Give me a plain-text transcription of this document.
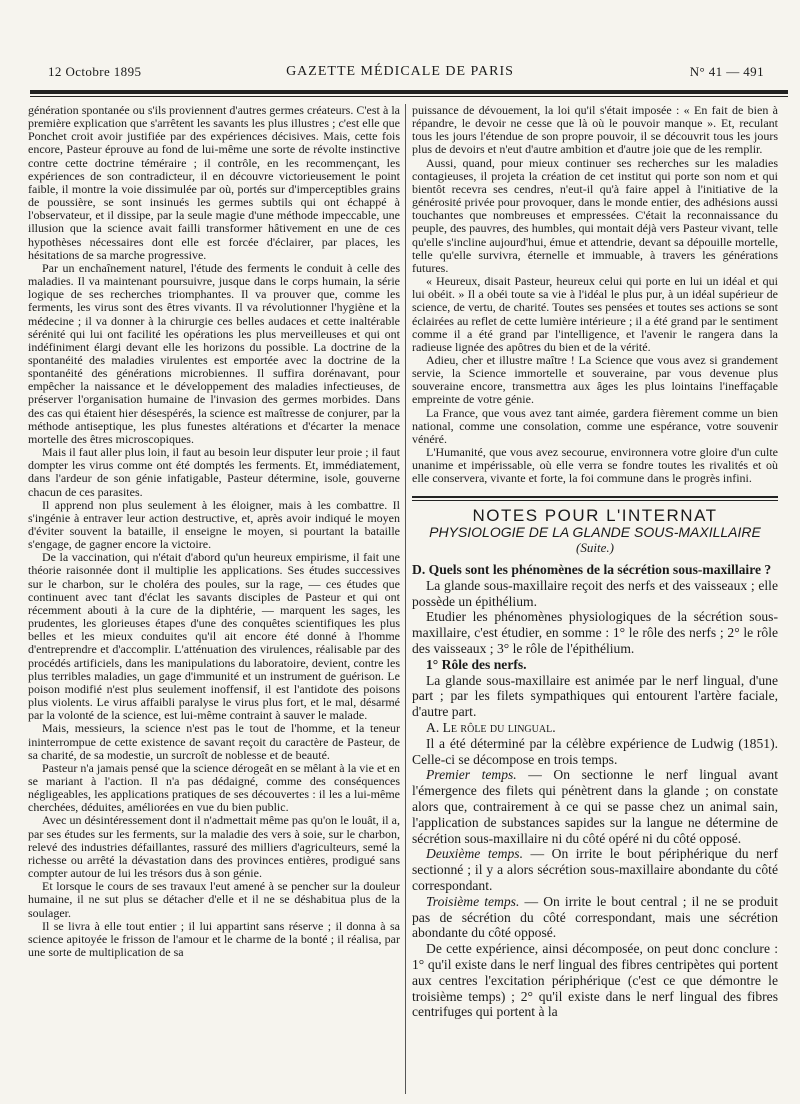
12 Octobre 1895	GAZETTE MÉDICALE DE PARIS	N° 41 — 491

génération spontanée ou s'ils proviennent d'autres germes créateurs. C'est à la première explication que s'arrêtent les savants les plus illustres ; c'est elle que Ponchet croit avoir justifiée par des expériences décisives. Mais, cette fois encore, Pasteur éprouve au fond de lui-même une sorte de révolte instinctive contre cette doctrine téméraire ; il contrôle, en les recommençant, les expériences de son contradicteur, il en découvre victorieusement le point faible, il montre la voie dissimulée par où, portés sur d'imperceptibles grains de poussière, se sont insinués les germes subtils qui ont échappé à l'observateur, et il dissipe, par la seule magie d'une méthode impeccable, une illusion que la science avait failli transformer hâtivement en une de ces hypothèses nécessaires dont elle est forcée d'éclairer, par places, les hésitations de sa marche progressive.

Par un enchaînement naturel, l'étude des ferments le conduit à celle des maladies. Il va maintenant poursuivre, jusque dans le corps humain, la série logique de ses recherches triomphantes. Il va prouver que, comme les ferments, les virus sont des êtres vivants. Il va révolutionner l'hygiène et la médecine ; il va donner à la chirurgie ces belles audaces et cette inaltérable sérénité qui lui ont facilité les opérations les plus merveilleuses et qui ont indéfiniment élargi devant elle les horizons du possible. La doctrine de la spontanéité des maladies virulentes est emportée avec la doctrine de la spontanéité des générations microbiennes. Il suffira dorénavant, pour empêcher la naissance et le développement des maladies infectieuses, de préserver l'organisation humaine de l'invasion des germes morbides. Dans des cas qui étaient hier désespérés, la science est maîtresse de conjurer, par la méthode antiseptique, les plus funestes altérations et d'écarter la menace mortelle des êtres microscopiques.

Mais il faut aller plus loin, il faut au besoin leur disputer leur proie ; il faut dompter les virus comme ont été domptés les ferments. Et, immédiatement, dans l'ardeur de son génie infatigable, Pasteur détermine, isole, gouverne chacun de ces parasites.

Il apprend non plus seulement à les éloigner, mais à les combattre. Il s'ingénie à entraver leur action destructive, et, après avoir indiqué le moyen d'éviter souvent la bataille, il enseigne le moyen, si pourtant la bataille s'engage, de gagner encore la victoire.

De la vaccination, qui n'était d'abord qu'un heureux empirisme, il fait une théorie raisonnée dont il multiplie les applications. Ses études successives sur le charbon, sur le choléra des poules, sur la rage, — ces études que continuent avec tant d'éclat les savants disciples de Pasteur et qui ont récemment abouti à la cure de la diphtérie, — marquent les sages, les prudentes, les glorieuses étapes d'une des conquêtes scientifiques les plus belles et les mieux conduites qu'il ait encore été donné à l'homme d'entreprendre et d'accomplir. L'atténuation des virulences, réalisable par des procédés artificiels, dans les manipulations du laboratoire, devient, contre les plus terribles maladies, un gage d'immunité et un instrument de guérison. Le poison modifié n'est plus seulement inoffensif, il est l'antidote des poisons plus violents. Le virus affaibli paralyse le virus plus fort, et le mal, désarmé par la volonté de la science, est lui-même contraint à sauver le malade.

Mais, messieurs, la science n'est pas le tout de l'homme, et la teneur ininterrompue de cette existence de savant reçoit du caractère de Pasteur, de sa charité, de sa modestie, un surcroît de noblesse et de beauté.

Pasteur n'a jamais pensé que la science dérogeât en se mêlant à la vie et en se mariant à l'action. Il n'a pas dédaigné, comme des conséquences négligeables, les applications pratiques de ses découvertes : il les a lui-même cherchées, déduites, améliorées en vue du bien public.

Avec un désintéressement dont il n'admettait même pas qu'on le louât, il a, par ses études sur les ferments, sur la maladie des vers à soie, sur le charbon, relevé des industries défaillantes, rassuré des milliers d'agriculteurs, semé la richesse ou arrêté la dévastation dans des provinces entières, prodigué sans compter autour de lui les trésors dus à son génie.

Et lorsque le cours de ses travaux l'eut amené à se pencher sur la douleur humaine, il ne sut plus se détacher d'elle et il ne se déshabitua plus de la soulager.

Il se livra à elle tout entier ; il lui appartint sans réserve ; il donna à sa science apitoyée le frisson de l'amour et le charme de la bonté ; il réalisa, par une sorte de multiplication de sa

puissance de dévouement, la loi qu'il s'était imposée : « En fait de bien à répandre, le devoir ne cesse que là où le pouvoir manque ». Et, reculant tous les jours l'étendue de son propre pouvoir, il se découvrit tous les jours plus de devoirs et n'eut d'autre ambition et d'autre joie que de les remplir.

Aussi, quand, pour mieux continuer ses recherches sur les maladies contagieuses, il projeta la création de cet institut qui porte son nom et qui bientôt recevra ses cendres, n'eut-il qu'à faire appel à l'initiative de la générosité privée pour provoquer, dans le monde entier, des adhésions aussi touchantes que nombreuses et empressées. C'était la reconnaissance du peuple, des pauvres, des humbles, qui montait déjà vers Pasteur vivant, telle qu'elle s'incline aujourd'hui, émue et attendrie, devant sa dépouille mortelle, telle qu'elle survivra, éternelle et immuable, à travers les générations futures.

« Heureux, disait Pasteur, heureux celui qui porte en lui un idéal et qui lui obéit. » Il a obéi toute sa vie à l'idéal le plus pur, à un idéal supérieur de science, de vertu, de charité. Toutes ses pensées et toutes ses actions se sont éclairées au reflet de cette lumière intérieure ; il a été grand par le sentiment comme il a été grand par l'intelligence, et l'avenir le rangera dans la radieuse lignée des apôtres du bien et de la vérité.

Adieu, cher et illustre maître ! La Science que vous avez si grandement servie, la Science immortelle et souveraine, par vous devenue plus souveraine encore, transmettra aux âges les plus lointains l'ineffaçable empreinte de votre génie.

La France, que vous avez tant aimée, gardera fièrement comme un bien national, comme une consolation, comme une espérance, votre souvenir vénéré.

L'Humanité, que vous avez secourue, environnera votre gloire d'un culte unanime et impérissable, où elle verra se fondre toutes les rivalités et où elle conservera, vivante et forte, la foi commune dans le progrès infini.

NOTES POUR L'INTERNAT
PHYSIOLOGIE DE LA GLANDE SOUS-MAXILLAIRE
(Suite.)

D. Quels sont les phénomènes de la sécrétion sous-maxillaire ?

La glande sous-maxillaire reçoit des nerfs et des vaisseaux ; elle possède un épithélium.

Etudier les phénomènes physiologiques de la sécrétion sous-maxillaire, c'est étudier, en somme : 1° le rôle des nerfs ; 2° le rôle des vaisseaux ; 3° le rôle de l'épithélium.

1° Rôle des nerfs.

La glande sous-maxillaire est animée par le nerf lingual, d'une part ; par les filets sympathiques qui entourent l'artère faciale, d'autre part.

A. Le rôle du lingual.

Il a été déterminé par la célèbre expérience de Ludwig (1851). Celle-ci se décompose en trois temps.

Premier temps. — On sectionne le nerf lingual avant l'émergence des filets qui pénètrent dans la glande ; on constate alors que, contrairement à ce qui se passe chez un animal sain, l'application de substances sapides sur la langue ne détermine de sécrétion sous-maxillaire ni du côté opéré ni du côté opposé.

Deuxième temps. — On irrite le bout périphérique du nerf sectionné ; il y a alors sécrétion sous-maxillaire abondante du côté correspondant.

Troisième temps. — On irrite le bout central ; il ne se produit pas de sécrétion du côté correspondant, mais une sécrétion abondante du côté opposé.

De cette expérience, ainsi décomposée, on peut donc conclure : 1° qu'il existe dans le nerf lingual des fibres centripètes qui portent aux centres l'excitation périphérique (c'est ce que démontre le troisième temps) ; 2° qu'il existe dans le nerf lingual des fibres centrifuges qui portent à la
